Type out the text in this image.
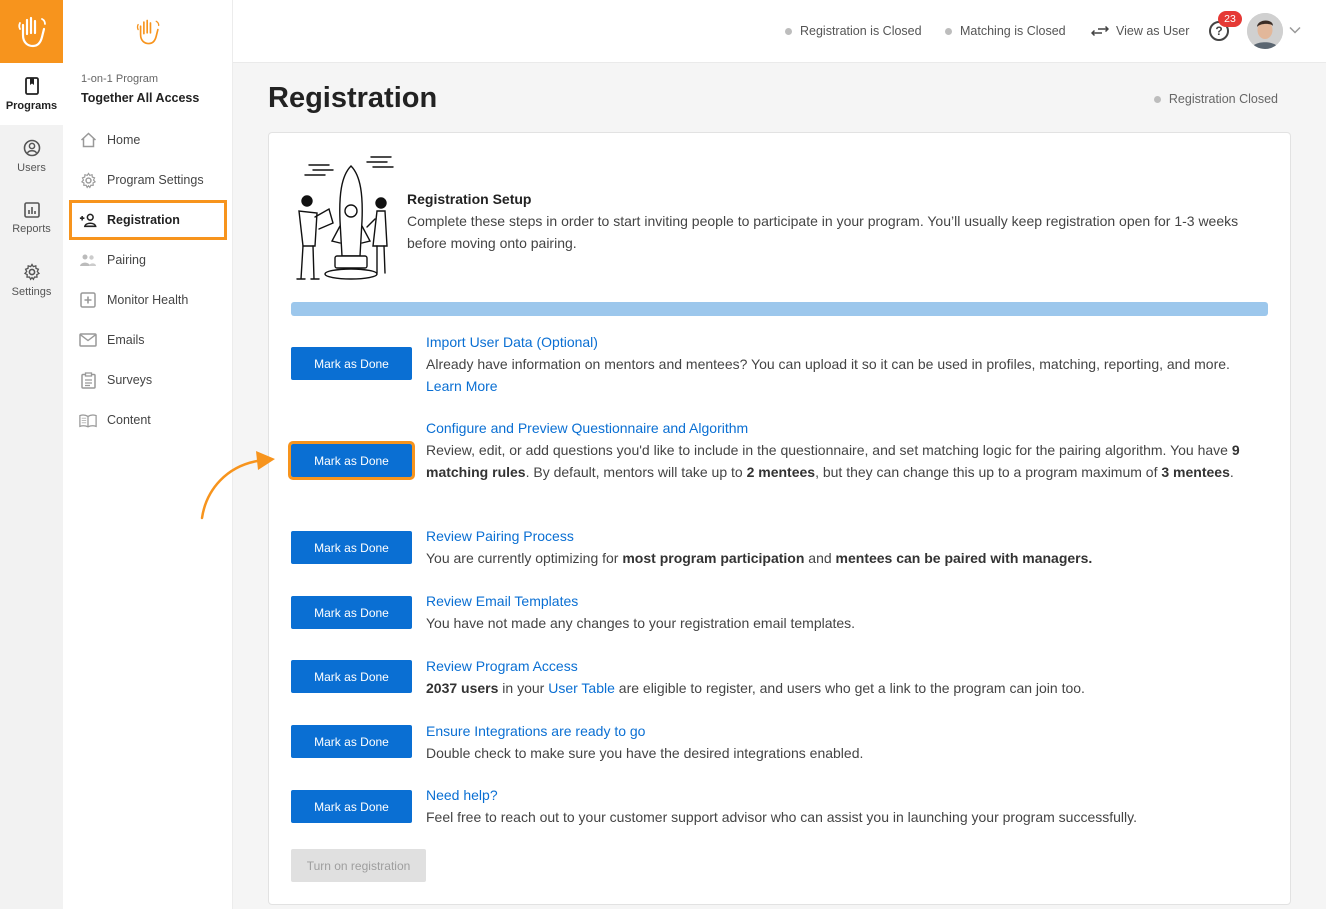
Programs
Users
Reports
Settings
1-on-1 Program
Together All Access
Home
Program Settings
Registration
Pairing
Monitor Health
Emails
Surveys
Content
Registration is Closed	Matching is Closed	View as User	?
23
Registration	Registration Closed
Registration Setup
Complete these steps in order to start inviting people to participate in your program. You’ll usually keep registration open for 1-3 weeks before moving onto pairing.
Mark as Done
Import User Data (Optional)
Already have information on mentors and mentees? You can upload it so it can be used in profiles, matching, reporting, and more.
Learn More
Mark as Done
Configure and Preview Questionnaire and Algorithm
Review, edit, or add questions you'd like to include in the questionnaire, and set matching logic for the pairing algorithm. You have 9 matching rules. By default, mentors will take up to 2 mentees, but they can change this up to a program maximum of 3 mentees.
Mark as Done
Review Pairing Process
You are currently optimizing for most program participation and mentees can be paired with managers.
Mark as Done
Review Email Templates
You have not made any changes to your registration email templates.
Mark as Done
Review Program Access
2037 users in your User Table are eligible to register, and users who get a link to the program can join too.
Mark as Done
Ensure Integrations are ready to go
Double check to make sure you have the desired integrations enabled.
Mark as Done
Need help?
Feel free to reach out to your customer support advisor who can assist you in launching your program successfully.
Turn on registration
